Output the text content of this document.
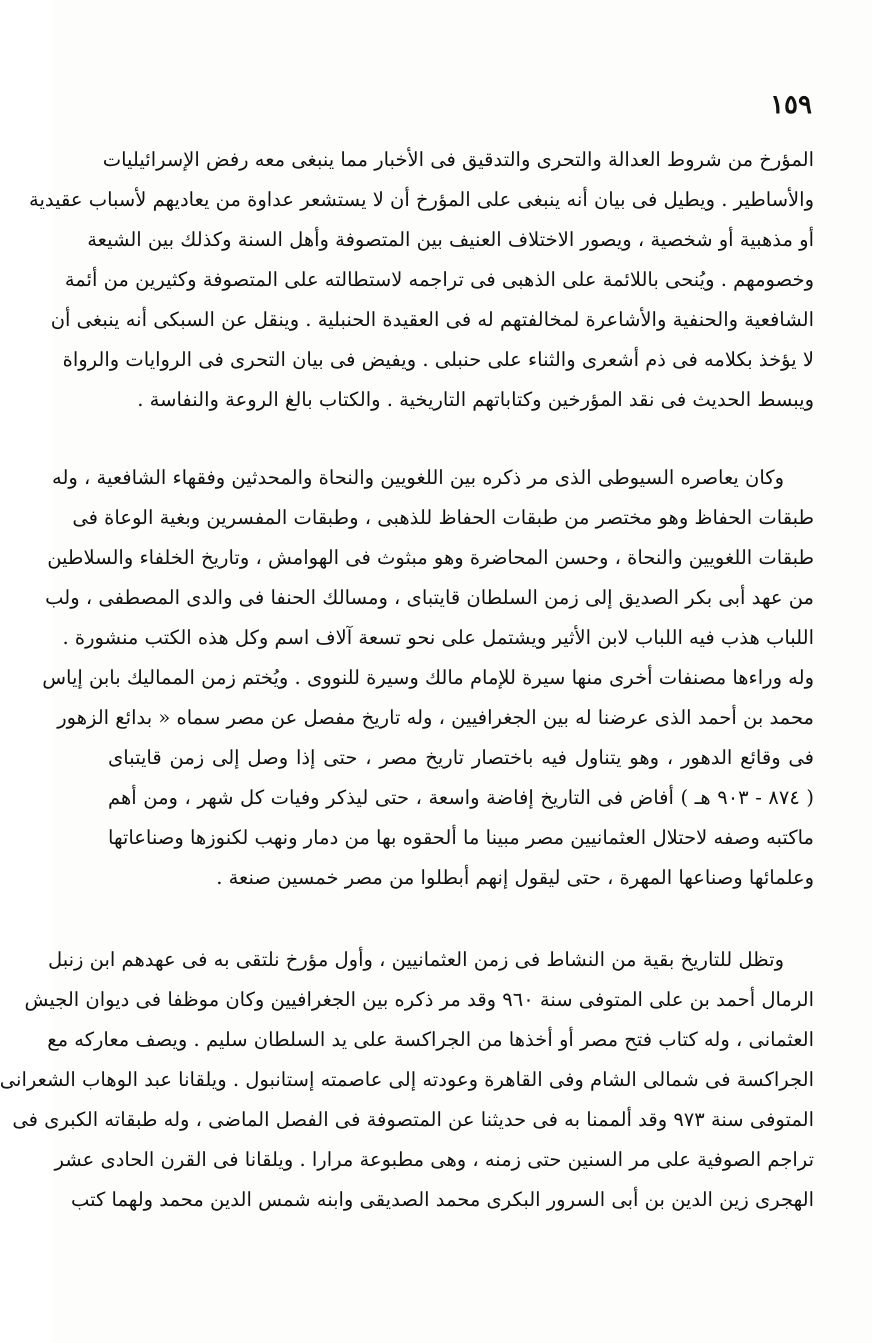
١٥٩
المؤرخ من شروط العدالة والتحرى والتدقيق فى الأخبار مما ينبغى معه رفض الإسرائيليات
والأساطير . ويطيل فى بيان أنه ينبغى على المؤرخ أن لا يستشعر عداوة من يعاديهم لأسباب عقيدية
أو مذهبية أو شخصية ، ويصور الاختلاف العنيف بين المتصوفة وأهل السنة وكذلك بين الشيعة
وخصومهم . ويُنحى باللائمة على الذهبى فى تراجمه لاستطالته على المتصوفة وكثيرين من أئمة
الشافعية والحنفية والأشاعرة لمخالفتهم له فى العقيدة الحنبلية . وينقل عن السبكى أنه ينبغى أن
لا يؤخذ بكلامه فى ذم أشعرى والثناء على حنبلى . ويفيض فى بيان التحرى فى الروايات والرواة
ويبسط الحديث فى نقد المؤرخين وكتاباتهم التاريخية . والكتاب بالغ الروعة والنفاسة .
وكان يعاصره السيوطى الذى مر ذكره بين اللغويين والنحاة والمحدثين وفقهاء الشافعية ، وله
طبقات الحفاظ وهو مختصر من طبقات الحفاظ للذهبى ، وطبقات المفسرين وبغية الوعاة فى
طبقات اللغويين والنحاة ، وحسن المحاضرة وهو مبثوث فى الهوامش ، وتاريخ الخلفاء والسلاطين
من عهد أبى بكر الصديق إلى زمن السلطان قايتباى ، ومسالك الحنفا فى والدى المصطفى ، ولب
اللباب هذب فيه اللباب لابن الأثير ويشتمل على نحو تسعة آلاف اسم وكل هذه الكتب منشورة .
وله وراءها مصنفات أخرى منها سيرة للإمام مالك وسيرة للنووى . ويُختم زمن المماليك بابن إياس
محمد بن أحمد الذى عرضنا له بين الجغرافيين ، وله تاريخ مفصل عن مصر سماه « بدائع الزهور
فى وقائع الدهور ، وهو يتناول فيه باختصار تاريخ مصر ، حتى إذا وصل إلى زمن قايتباى
( ٨٧٤ - ٩٠٣ هـ ) أفاض فى التاريخ إفاضة واسعة ، حتى ليذكر وفيات كل شهر ، ومن أهم
ماكتبه وصفه لاحتلال العثمانيين مصر مبينا ما ألحقوه بها من دمار ونهب لكنوزها وصناعاتها
وعلمائها وصناعها المهرة ، حتى ليقول إنهم أبطلوا من مصر خمسين صنعة .
وتظل للتاريخ بقية من النشاط فى زمن العثمانيين ، وأول مؤرخ نلتقى به فى عهدهم ابن زنبل
الرمال أحمد بن على المتوفى سنة ٩٦٠ وقد مر ذكره بين الجغرافيين وكان موظفا فى ديوان الجيش
العثمانى ، وله كتاب فتح مصر أو أخذها من الجراكسة على يد السلطان سليم . ويصف معاركه مع
الجراكسة فى شمالى الشام وفى القاهرة وعودته إلى عاصمته إستانبول . ويلقانا عبد الوهاب الشعرانى
المتوفى سنة ٩٧٣ وقد ألممنا به فى حديثنا عن المتصوفة فى الفصل الماضى ، وله طبقاته الكبرى فى
تراجم الصوفية على مر السنين حتى زمنه ، وهى مطبوعة مرارا . ويلقانا فى القرن الحادى عشر
الهجرى زين الدين بن أبى السرور البكرى محمد الصديقى وابنه شمس الدين محمد ولهما كتب
